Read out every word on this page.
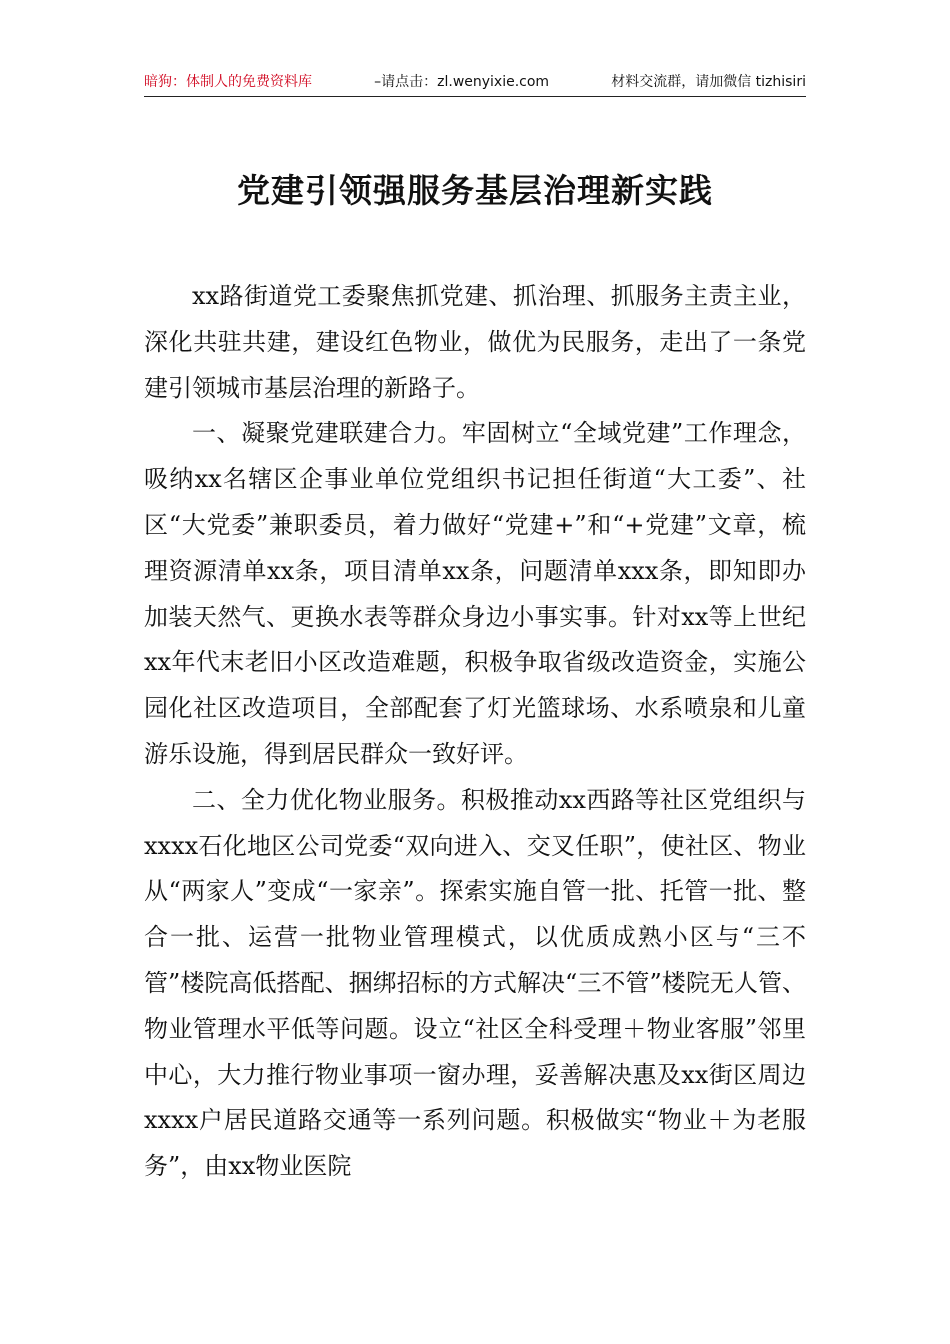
暗狗：体制人的免费资料库	–请点击：zl.wenyixie.com	材料交流群，请加微信 tizhisiri
党建引领强服务基层治理新实践

xx路街道党工委聚焦抓党建、抓治理、抓服务主责主业，深化共驻共建，建设红色物业，做优为民服务，走出了一条党建引领城市基层治理的新路子。

一、凝聚党建联建合力。牢固树立“全域党建”工作理念，吸纳xx名辖区企事业单位党组织书记担任街道“大工委”、社区“大党委”兼职委员，着力做好“党建+”和“+党建”文章，梳理资源清单xx条，项目清单xx条，问题清单xxx条，即知即办加装天然气、更换水表等群众身边小事实事。针对xx等上世纪xx年代末老旧小区改造难题，积极争取省级改造资金，实施公园化社区改造项目，全部配套了灯光篮球场、水系喷泉和儿童游乐设施，得到居民群众一致好评。

二、全力优化物业服务。积极推动xx西路等社区党组织与xxxx石化地区公司党委“双向进入、交叉任职”，使社区、物业从“两家人”变成“一家亲”。探索实施自管一批、托管一批、整合一批、运营一批物业管理模式，以优质成熟小区与“三不管”楼院高低搭配、捆绑招标的方式解决“三不管”楼院无人管、物业管理水平低等问题。设立“社区全科受理＋物业客服”邻里中心，大力推行物业事项一窗办理，妥善解决惠及xx街区周边xxxx户居民道路交通等一系列问题。积极做实“物业＋为老服务”，由xx物业医院
